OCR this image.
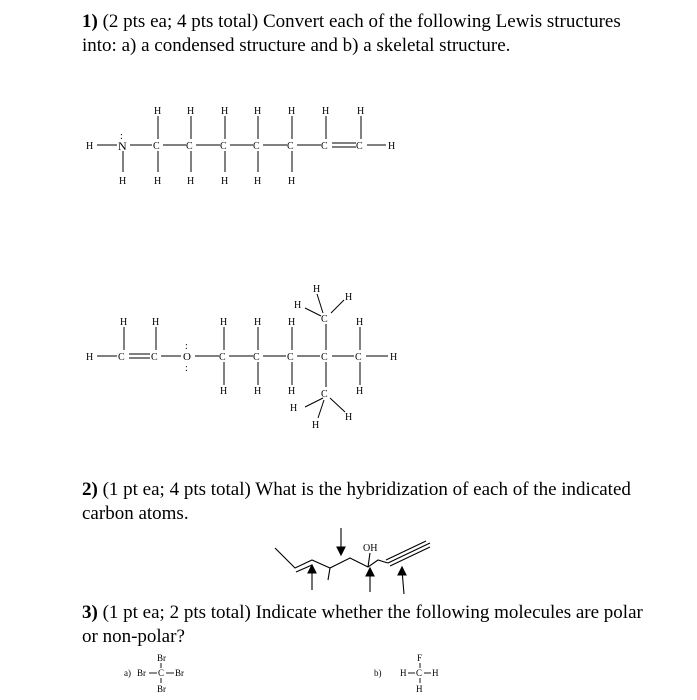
1) (2 pts ea; 4 pts total) Convert each of the following Lewis structures into: a) a condensed structure and b) a skeletal structure.
H N
:
C	C	C	C	C	C	C	H
H	H	H	H	H	H	H
H	H	H	H	H	H
H C	C O
:
:
C	C	C	C	C	H
H H	H	H	H	H
C
H
H
H
H	H	H	H
C
H
H
H
2) (1 pt ea; 4 pts total) What is the hybridization of each of the indicated carbon atoms.
OH
3) (1 pt ea; 2 pts total) Indicate whether the following molecules are polar or non-polar?
a) Br C Br
Br
Br
b) H C H
F
H
